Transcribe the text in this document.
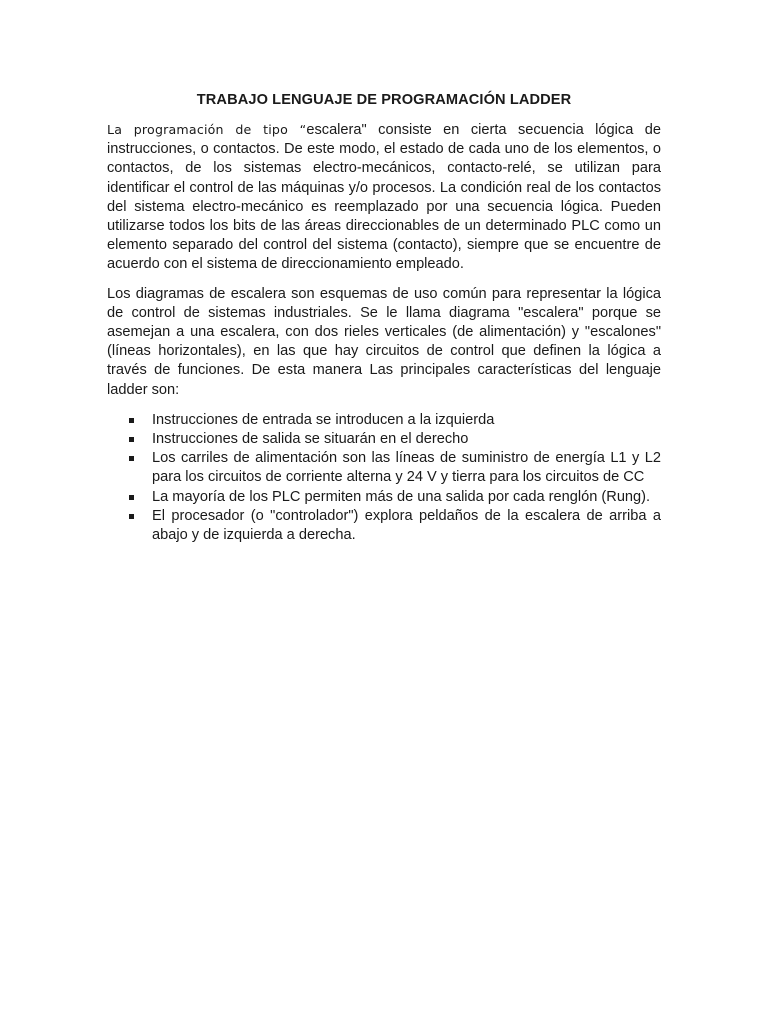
TRABAJO LENGUAJE DE PROGRAMACIÓN LADDER

La programación de tipo “escalera" consiste en cierta secuencia lógica de instrucciones, o contactos. De este modo, el estado de cada uno de los elementos, o contactos, de los sistemas electro-mecánicos, contacto-relé, se utilizan para identificar el control de las máquinas y/o procesos. La condición real de los contactos del sistema electro-mecánico es reemplazado por una secuencia lógica. Pueden utilizarse todos los bits de las áreas direccionables de un determinado PLC como un elemento separado del control del sistema (contacto), siempre que se encuentre de acuerdo con el sistema de direccionamiento empleado.

Los diagramas de escalera son esquemas de uso común para representar la lógica de control de sistemas industriales. Se le llama diagrama "escalera" porque se asemejan a una escalera, con dos rieles verticales (de alimentación) y "escalones" (líneas horizontales), en las que hay circuitos de control que definen la lógica a través de funciones. De esta manera Las principales características del lenguaje ladder son:

Instrucciones de entrada se introducen a la izquierda
Instrucciones de salida se situarán en el derecho
Los carriles de alimentación son las líneas de suministro de energía L1 y L2 para los circuitos de corriente alterna y 24 V y tierra para los circuitos de CC
La mayoría de los PLC permiten más de una salida por cada renglón (Rung).
El procesador (o "controlador") explora peldaños de la escalera de arriba a abajo y de izquierda a derecha.
